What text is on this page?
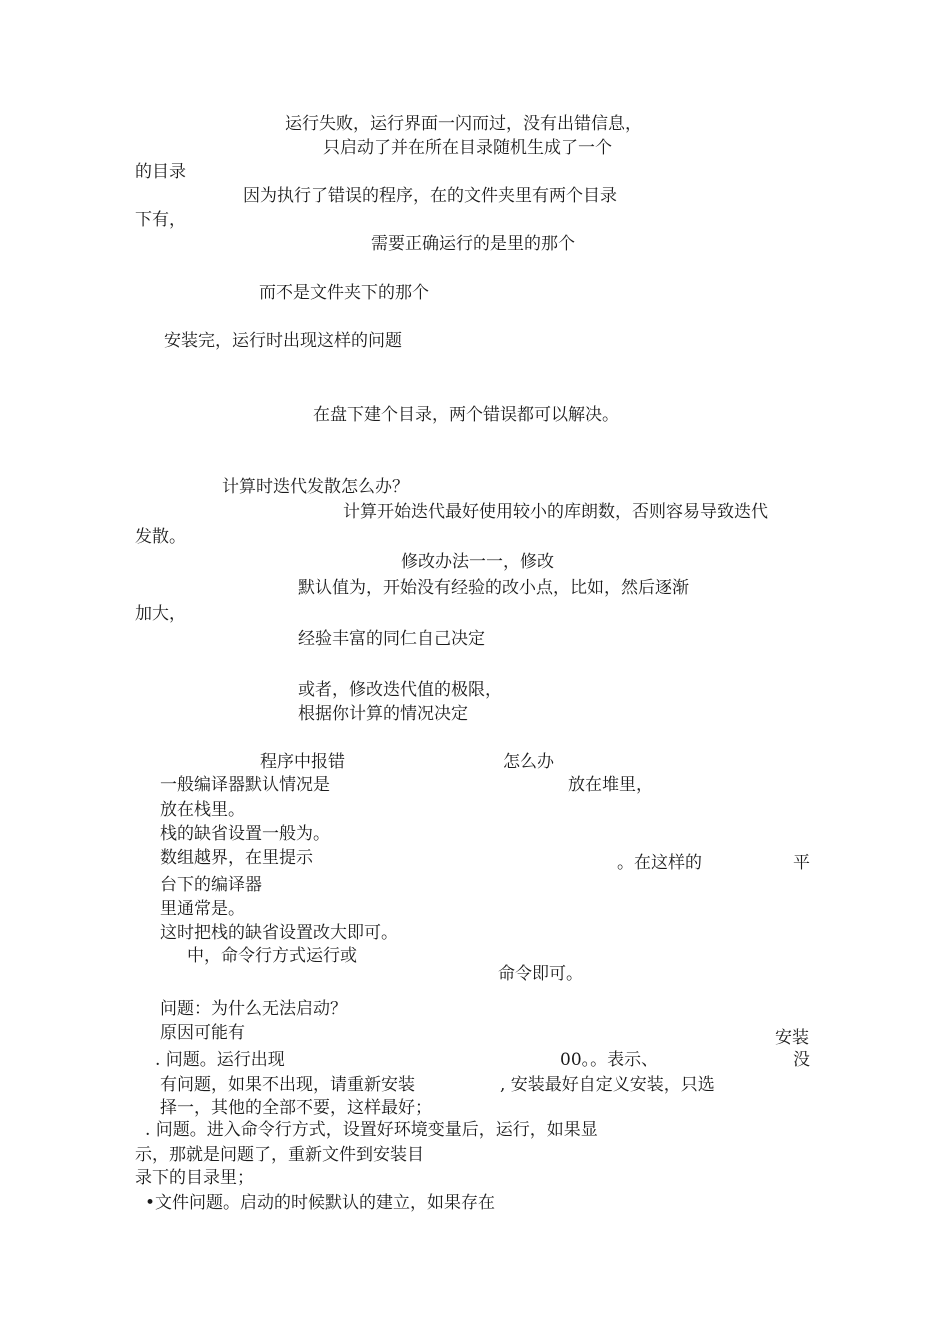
运行失败，运行界面一闪而过，没有出错信息，
只启动了并在所在目录随机生成了一个
的目录
因为执行了错误的程序，在的文件夹里有两个目录
下有，
需要正确运行的是里的那个
而不是文件夹下的那个
安装完，运行时出现这样的问题
在盘下建个目录，两个错误都可以解决。
计算时迭代发散怎么办？
计算开始迭代最好使用较小的库朗数，否则容易导致迭代
发散。
修改办法一一，修改
默认值为，开始没有经验的改小点，比如，然后逐渐
加大，
经验丰富的同仁自己决定
或者，修改迭代值的极限，
根据你计算的情况决定
程序中报错	怎么办
一般编译器默认情况是	放在堆里，
放在栈里。
栈的缺省设置一般为。
数组越界，在里提示	。在这样的	平
台下的编译器
里通常是。
这时把栈的缺省设置改大即可。
中，命令行方式运行或
命令即可。
问题：为什么无法启动？
原因可能有	安装
. 问题。运行出现	00。。表示、	没
有问题，如果不出现，请重新安装	, 安装最好自定义安装，只选
择一，其他的全部不要，这样最好；
. 问题。进入命令行方式，设置好环境变量后，运行，如果显
示，那就是问题了，重新文件到安装目
录下的目录里；
•文件问题。启动的时候默认的建立，如果存在
